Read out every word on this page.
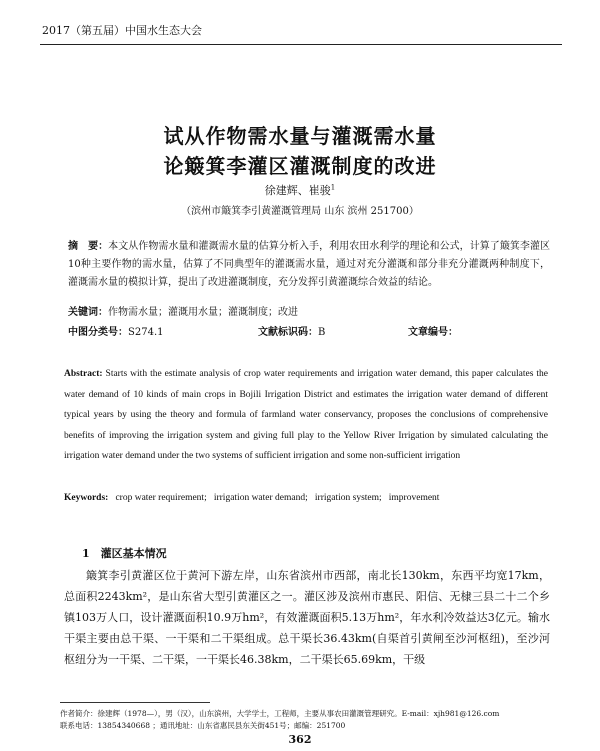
2017（第五届）中国水生态大会
试从作物需水量与灌溉需水量
论簸箕李灌区灌溉制度的改进
徐建辉、崔骏$^1$
（滨州市簸箕李引黄灌溉管理局 山东 滨州 251700）
摘　要：本文从作物需水量和灌溉需水量的估算分析入手，利用农田水利学的理论和公式，计算了簸箕李灌区10种主要作物的需水量，估算了不同典型年的灌溉需水量，通过对充分灌溉和部分非充分灌溉两种制度下，灌溉需水量的模拟计算，提出了改进灌溉制度，充分发挥引黄灌溉综合效益的结论。
关键词：作物需水量；灌溉用水量；灌溉制度；改进
中图分类号：S274.1	文献标识码：B	文章编号：
Abstract: Starts with the estimate analysis of crop water requirements and irrigation water demand, this paper calculates the water demand of 10 kinds of main crops in Bojili Irrigation District and estimates the irrigation water demand of different typical years by using the theory and formula of farmland water conservancy, proposes the conclusions of comprehensive benefits of improving the irrigation system and giving full play to the Yellow River Irrigation by simulated calculating the irrigation water demand under the two systems of sufficient irrigation and some non-sufficient irrigation
Keywords: crop water requirement; irrigation water demand; irrigation system; improvement
1　灌区基本情况
簸箕李引黄灌区位于黄河下游左岸，山东省滨州市西部，南北长130km，东西平均宽17km，总面积2243km²，是山东省大型引黄灌区之一。灌区涉及滨州市惠民、阳信、无棣三县二十二个乡镇103万人口，设计灌溉面积10.9万hm²，有效灌溉面积5.13万hm²，年水利冷效益达3亿元。输水干渠主要由总干渠、一干渠和二干渠组成。总干渠长36.43km(自渠首引黄闸至沙河枢纽)，至沙河枢纽分为一干渠、二干渠，一干渠长46.38km，二干渠长65.69km，干级
作者简介：徐建辉（1978—），男（汉），山东滨州，大学学士，工程师，主要从事农田灌溉管理研究。E-mail：xjh981@126.com
联系电话：13854340668 ；通讯地址：山东省惠民县东关街451号；邮编：251700
362
